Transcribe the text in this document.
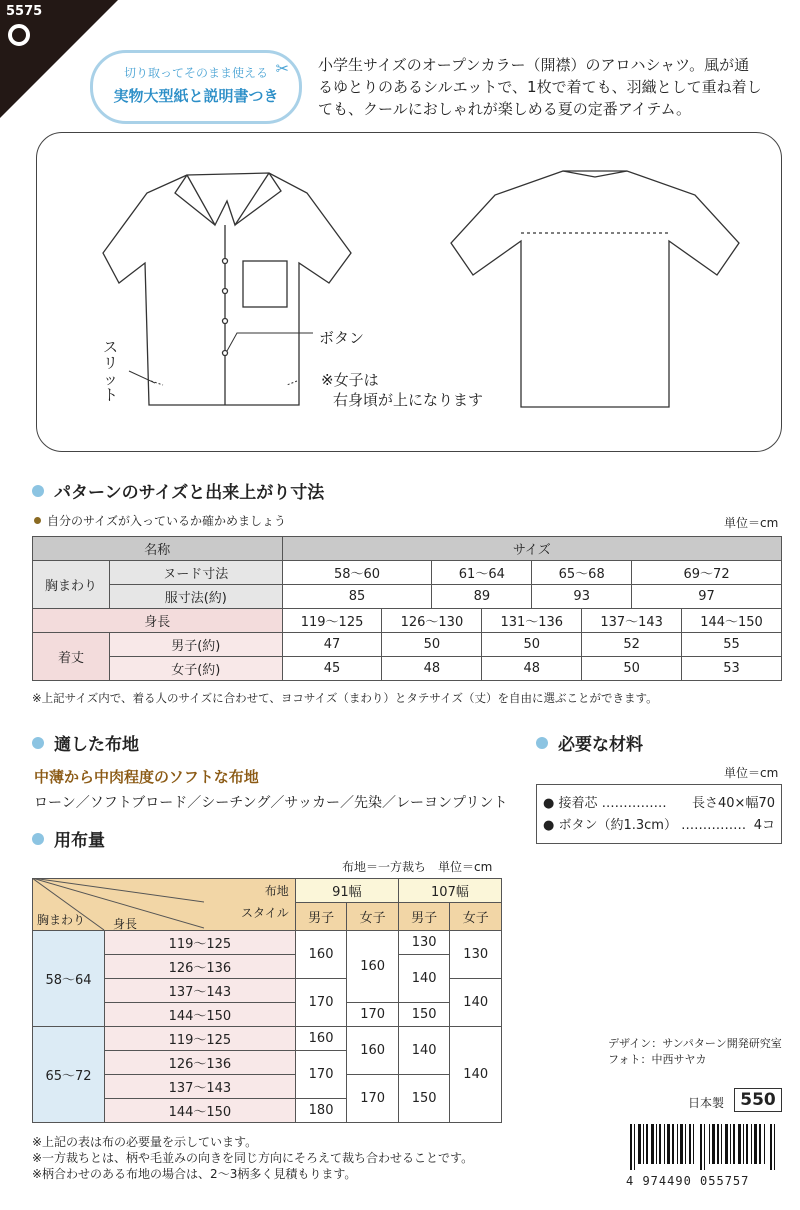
5575
✂
切り取ってそのまま使える
実物大型紙と説明書つき
小学生サイズのオープンカラー（開襟）のアロハシャツ。風が通
るゆとりのあるシルエットで、1枚で着ても、羽織として重ね着し
ても、クールにおしゃれが楽しめる夏の定番アイテム。
スリット
ボタン
※女子は
右身頃が上になります
パターンのサイズと出来上がり寸法
自分のサイズが入っているか確かめましょう	単位＝cm
名称		サイズ							
胸まわり	ヌード寸法	58〜60		61〜64		65〜68		69〜72	
	服寸法(約)	85		89		93		97	
身長		119〜125	126〜130		131〜136		137〜143		144〜150
着丈	男子(約)	47	50		50		52		55
	女子(約)	45	48		48		50		53
※上記サイズ内で、着る人のサイズに合わせて、ヨコサイズ（まわり）とタテサイズ（丈）を自由に選ぶことができます。
適した布地
中薄から中肉程度のソフトな布地
ローン／ソフトブロード／シーチング／サッカー／先染／レーヨンプリント
必要な材料
単位＝cm
● 接着芯 …………… 長さ40×幅70
● ボタン（約1.3cm） …………… 4コ
用布量
布地＝一方裁ち　単位＝cm
布地
スタイル
胸まわり 身長		91幅		107幅	
		男子	女子	男子	女子
58〜64	119〜125	160	160	130	130
	126〜136			140	
	137〜143	170			140
	144〜150		170	150	
65〜72	119〜125	160	160	140	140
	126〜136	170			
	137〜143		170	150	
	144〜150	180			
※上記の表は布の必要量を示しています。
※一方裁ちとは、柄や毛並みの向きを同じ方向にそろえて裁ち合わせることです。
※柄合わせのある布地の場合は、2〜3柄多く見積もります。
デザイン：サンパターン開発研究室
フォト：中西サヤカ
日本製 550
4 974490 055757
